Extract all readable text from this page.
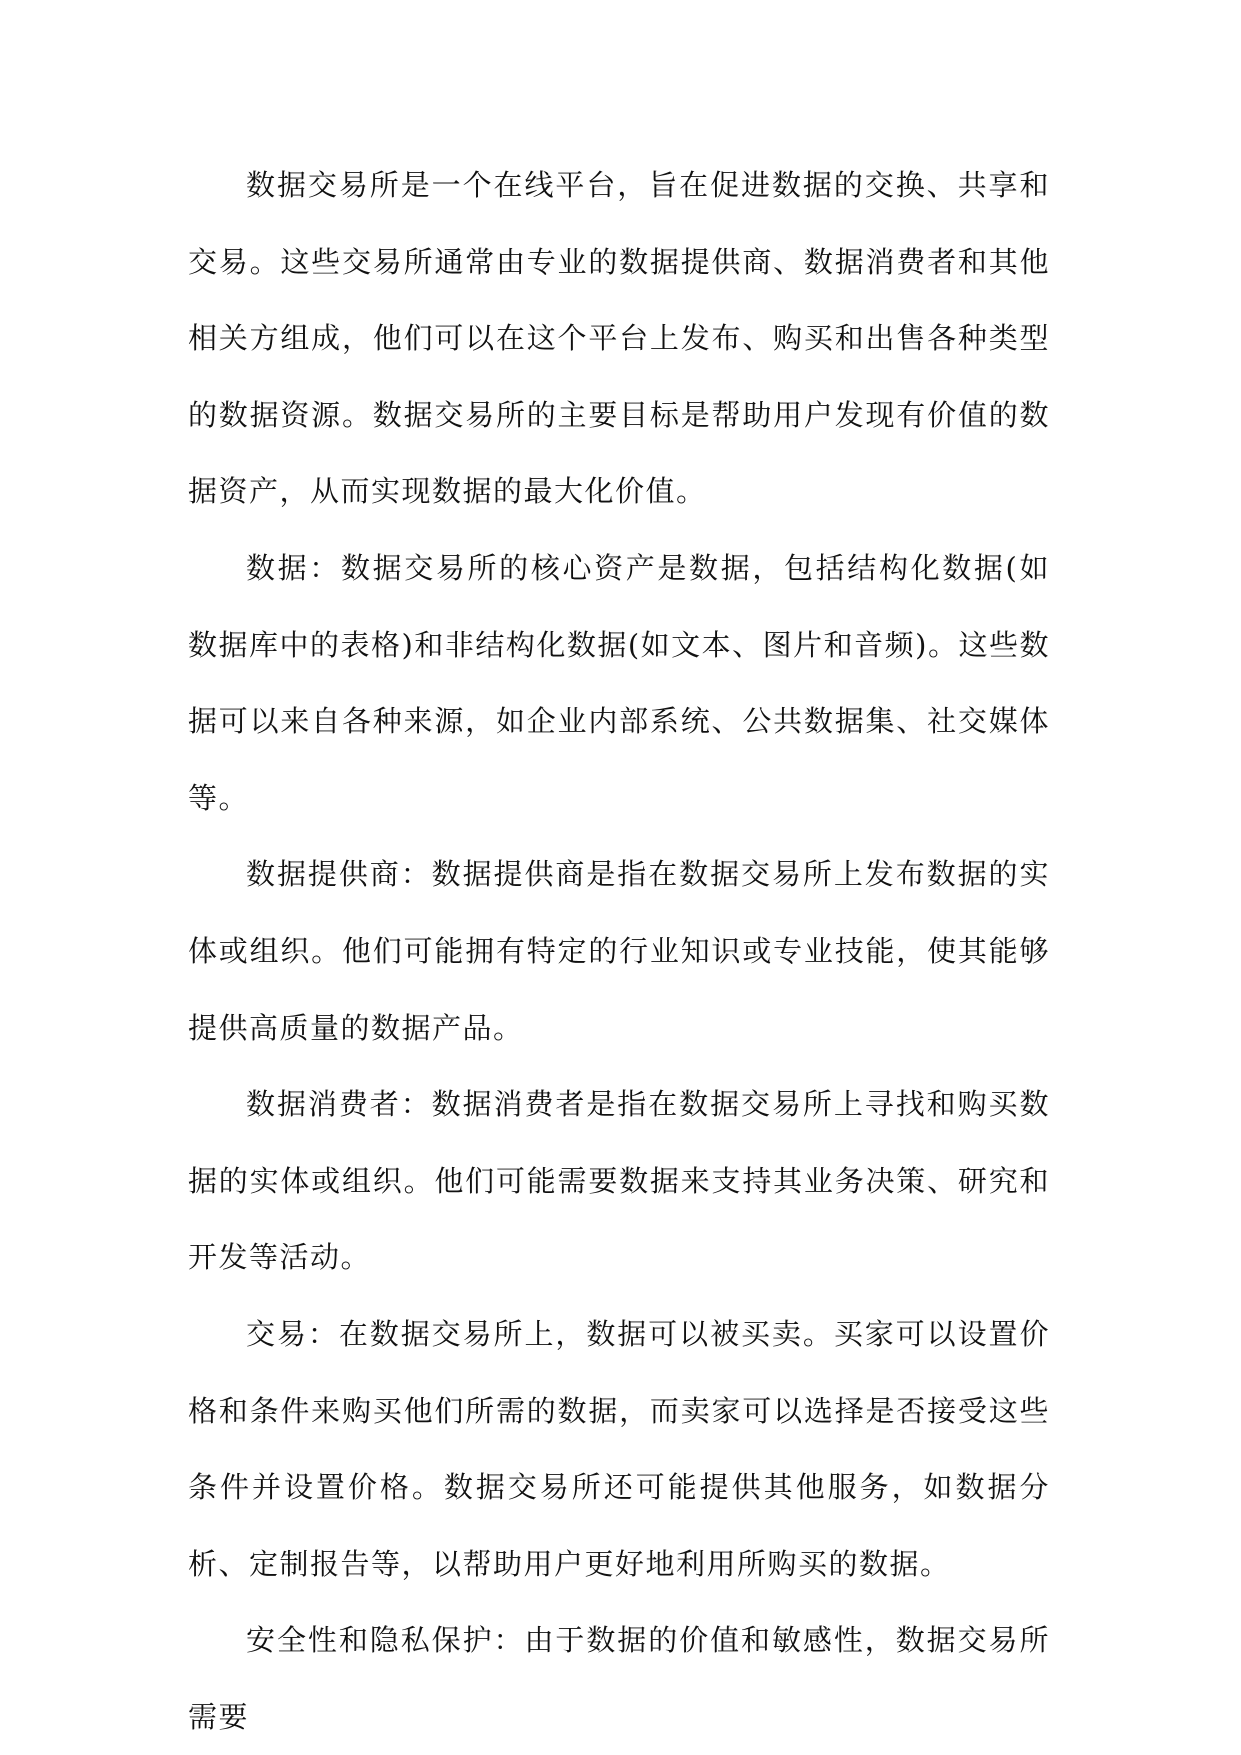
数据交易所是一个在线平台，旨在促进数据的交换、共享和交易。这些交易所通常由专业的数据提供商、数据消费者和其他相关方组成，他们可以在这个平台上发布、购买和出售各种类型的数据资源。数据交易所的主要目标是帮助用户发现有价值的数据资产，从而实现数据的最大化价值。

数据：数据交易所的核心资产是数据，包括结构化数据(如数据库中的表格)和非结构化数据(如文本、图片和音频)。这些数据可以来自各种来源，如企业内部系统、公共数据集、社交媒体等。

数据提供商：数据提供商是指在数据交易所上发布数据的实体或组织。他们可能拥有特定的行业知识或专业技能，使其能够提供高质量的数据产品。

数据消费者：数据消费者是指在数据交易所上寻找和购买数据的实体或组织。他们可能需要数据来支持其业务决策、研究和开发等活动。

交易：在数据交易所上，数据可以被买卖。买家可以设置价格和条件来购买他们所需的数据，而卖家可以选择是否接受这些条件并设置价格。数据交易所还可能提供其他服务，如数据分析、定制报告等，以帮助用户更好地利用所购买的数据。

安全性和隐私保护：由于数据的价值和敏感性，数据交易所需要
